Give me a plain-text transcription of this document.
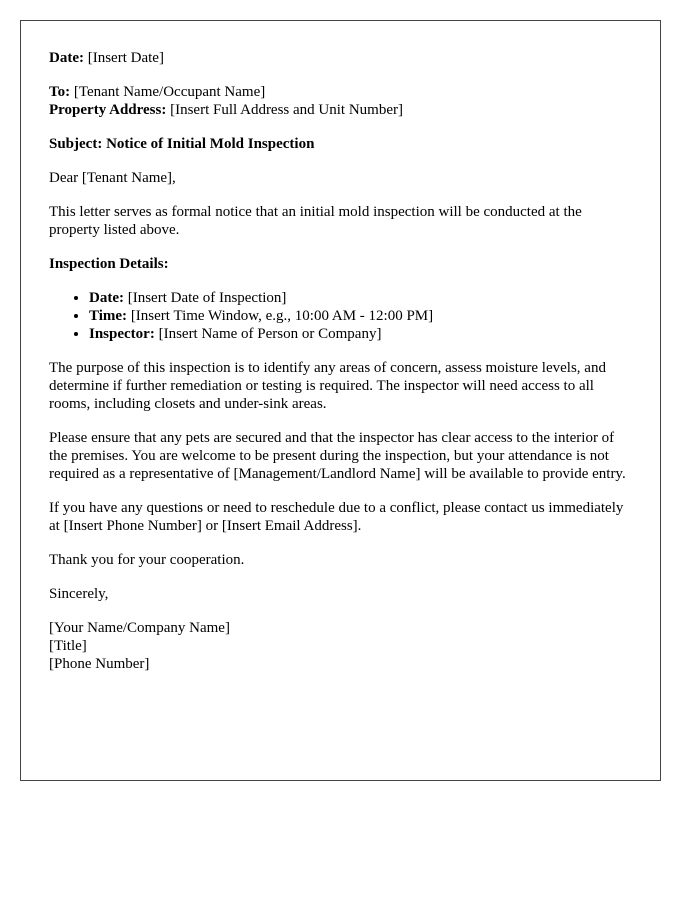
Date: [Insert Date]

To: [Tenant Name/Occupant Name]
Property Address: [Insert Full Address and Unit Number]

Subject: Notice of Initial Mold Inspection

Dear [Tenant Name],

This letter serves as formal notice that an initial mold inspection will be conducted at the property listed above.

Inspection Details:
• Date: [Insert Date of Inspection]
• Time: [Insert Time Window, e.g., 10:00 AM - 12:00 PM]
• Inspector: [Insert Name of Person or Company]

The purpose of this inspection is to identify any areas of concern, assess moisture levels, and determine if further remediation or testing is required. The inspector will need access to all rooms, including closets and under-sink areas.

Please ensure that any pets are secured and that the inspector has clear access to the interior of the premises. You are welcome to be present during the inspection, but your attendance is not required as a representative of [Management/Landlord Name] will be available to provide entry.

If you have any questions or need to reschedule due to a conflict, please contact us immediately at [Insert Phone Number] or [Insert Email Address].

Thank you for your cooperation.

Sincerely,

[Your Name/Company Name]
[Title]
[Phone Number]
